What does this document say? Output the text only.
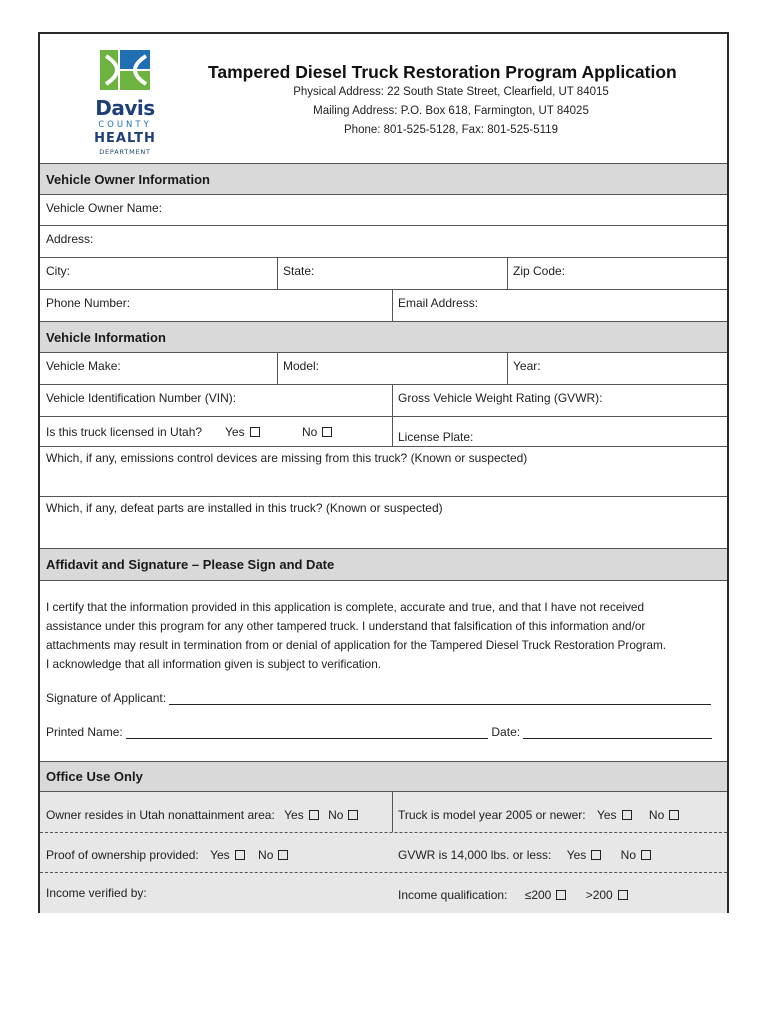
Davis
COUNTY
HEALTH
DEPARTMENT
Tampered Diesel Truck Restoration Program Application
Physical Address: 22 South State Street, Clearfield, UT 84015
Mailing Address: P.O. Box 618, Farmington, UT 84025
Phone: 801-525-5128, Fax: 801-525-5119
Vehicle Owner Information
Vehicle Owner Name:
Address:
City:	State:	Zip Code:
Phone Number:	Email Address:
Vehicle Information
Vehicle Make:	Model:	Year:
Vehicle Identification Number (VIN):	Gross Vehicle Weight Rating (GVWR):
Is this truck licensed in Utah? Yes	No	License Plate:
Which, if any, emissions control devices are missing from this truck? (Known or suspected)
Which, if any, defeat parts are installed in this truck? (Known or suspected)
Affidavit and Signature – Please Sign and Date
I certify that the information provided in this application is complete, accurate and true, and that I have not received
assistance under this program for any other tampered truck. I understand that falsification of this information and/or
attachments may result in termination from or denial of application for the Tampered Diesel Truck Restoration Program.
I acknowledge that all information given is subject to verification.
Signature of Applicant:
Printed Name:	Date:
Office Use Only
Owner resides in Utah nonattainment area: Yes No	Truck is model year 2005 or newer: Yes	No
Proof of ownership provided: Yes No	GVWR is 14,000 lbs. or less: Yes	No
Income verified by:	Income qualification: ≤200	>200
